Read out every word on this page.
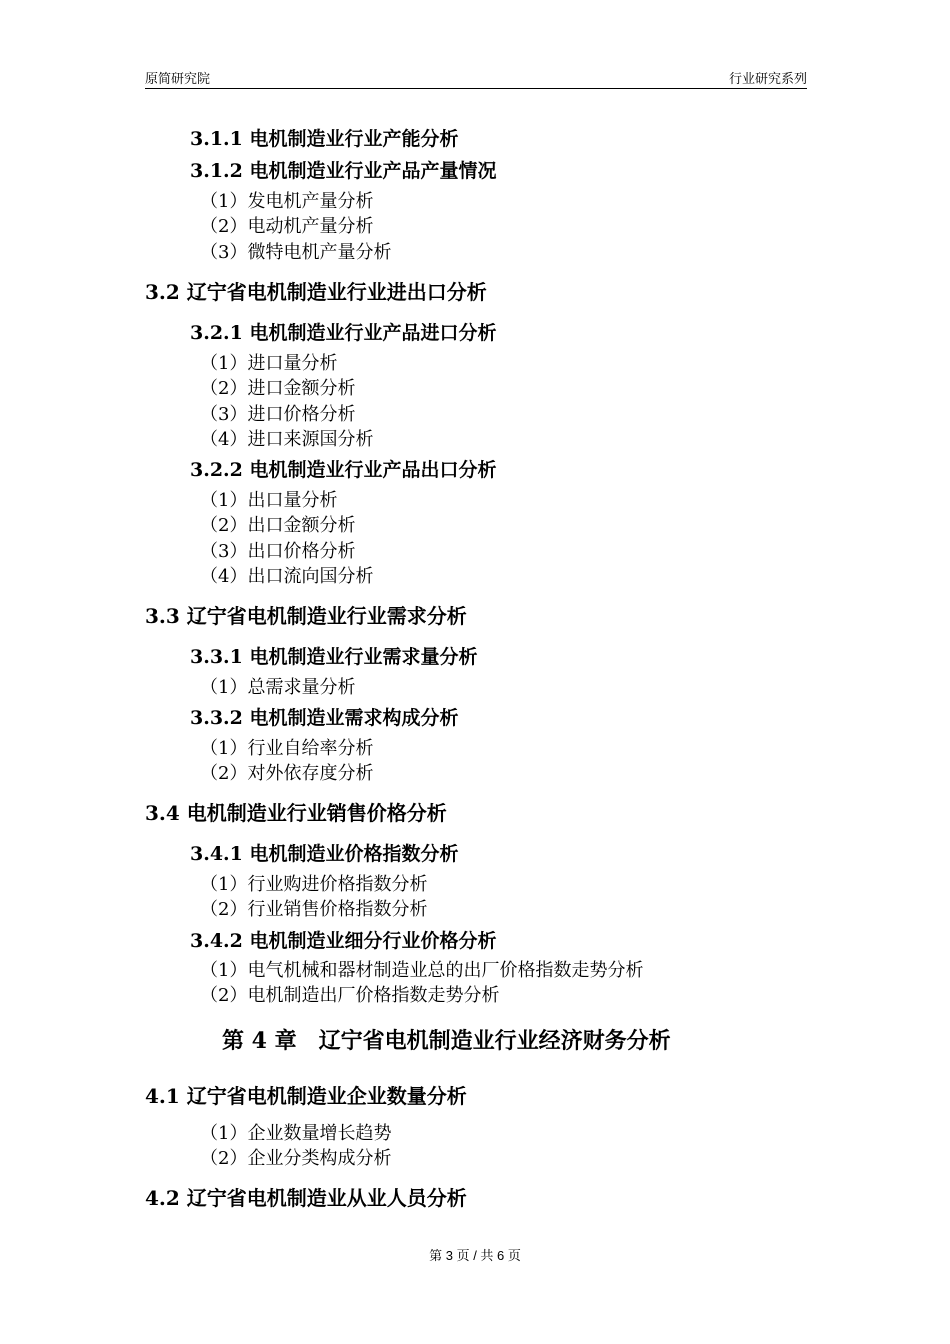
原简研究院	行业研究系列
3.1.1 电机制造业行业产能分析
3.1.2 电机制造业行业产品产量情况
（1）发电机产量分析
（2）电动机产量分析
（3）微特电机产量分析
3.2 辽宁省电机制造业行业进出口分析
3.2.1 电机制造业行业产品进口分析
（1）进口量分析
（2）进口金额分析
（3）进口价格分析
（4）进口来源国分析
3.2.2 电机制造业行业产品出口分析
（1）出口量分析
（2）出口金额分析
（3）出口价格分析
（4）出口流向国分析
3.3 辽宁省电机制造业行业需求分析
3.3.1 电机制造业行业需求量分析
（1）总需求量分析
3.3.2 电机制造业需求构成分析
（1）行业自给率分析
（2）对外依存度分析
3.4 电机制造业行业销售价格分析
3.4.1 电机制造业价格指数分析
（1）行业购进价格指数分析
（2）行业销售价格指数分析
3.4.2 电机制造业细分行业价格分析
（1）电气机械和器材制造业总的出厂价格指数走势分析
（2）电机制造出厂价格指数走势分析
第 4 章　辽宁省电机制造业行业经济财务分析
4.1 辽宁省电机制造业企业数量分析
（1）企业数量增长趋势
（2）企业分类构成分析
4.2 辽宁省电机制造业从业人员分析
第 3 页 / 共 6 页
